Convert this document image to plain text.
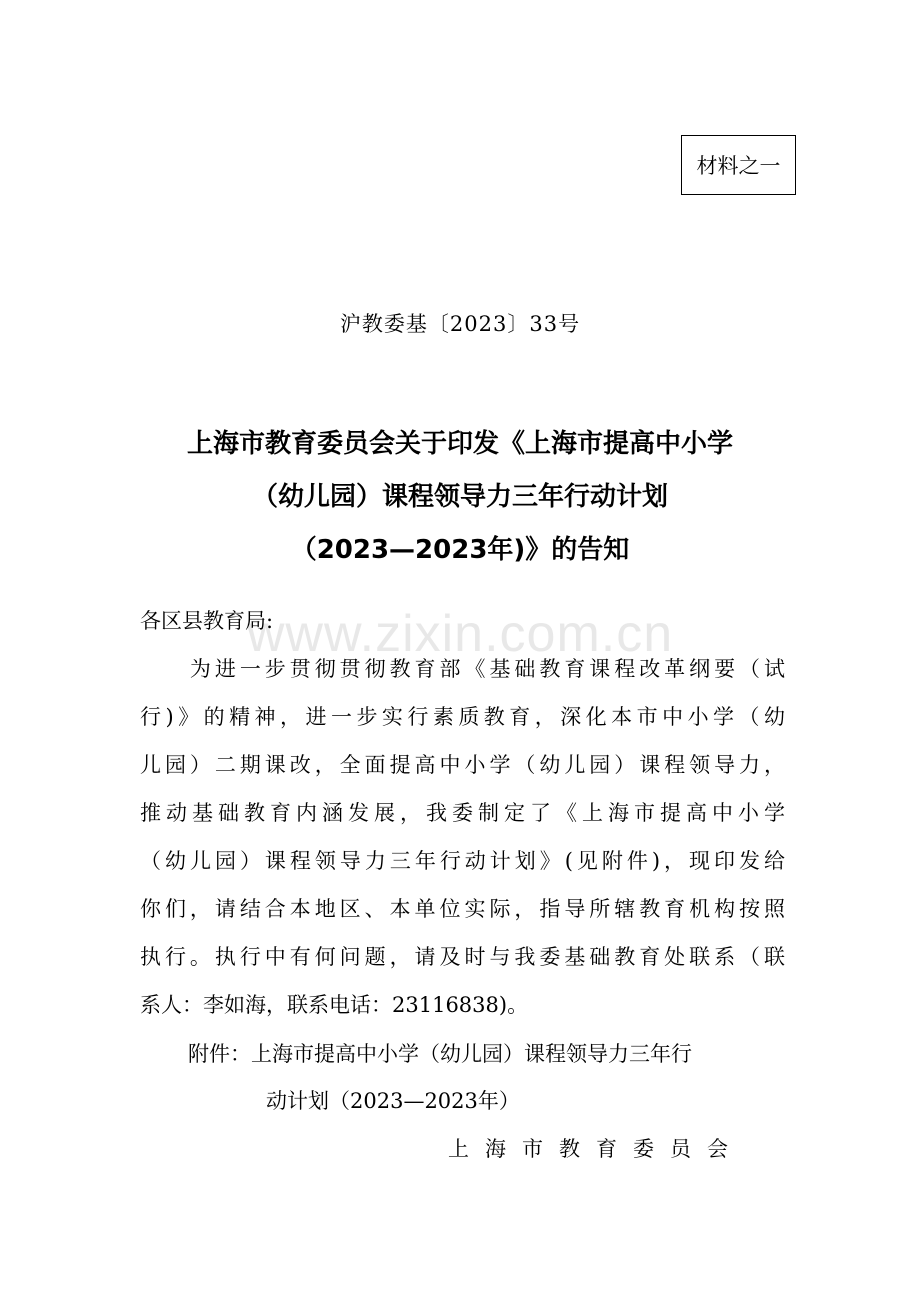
材料之一
沪教委基〔2023〕33号
上海市教育委员会关于印发《上海市提高中小学
（幼儿园）课程领导力三年行动计划
（2023—2023年)》的告知
www.zixin.com.cn
各区县教育局:
　　为进一步贯彻贯彻教育部《基础教育课程改革纲要（试
行)》的精神，进一步实行素质教育，深化本市中小学（幼
儿园）二期课改，全面提高中小学（幼儿园）课程领导力，
推动基础教育内涵发展，我委制定了《上海市提高中小学
（幼儿园）课程领导力三年行动计划》(见附件)，现印发给
你们，请结合本地区、本单位实际，指导所辖教育机构按照
执行。执行中有何问题，请及时与我委基础教育处联系（联
系人：李如海，联系电话：23116838)。
附件：上海市提高中小学（幼儿园）课程领导力三年行
动计划（2023—2023年）
上海市教育委员会
